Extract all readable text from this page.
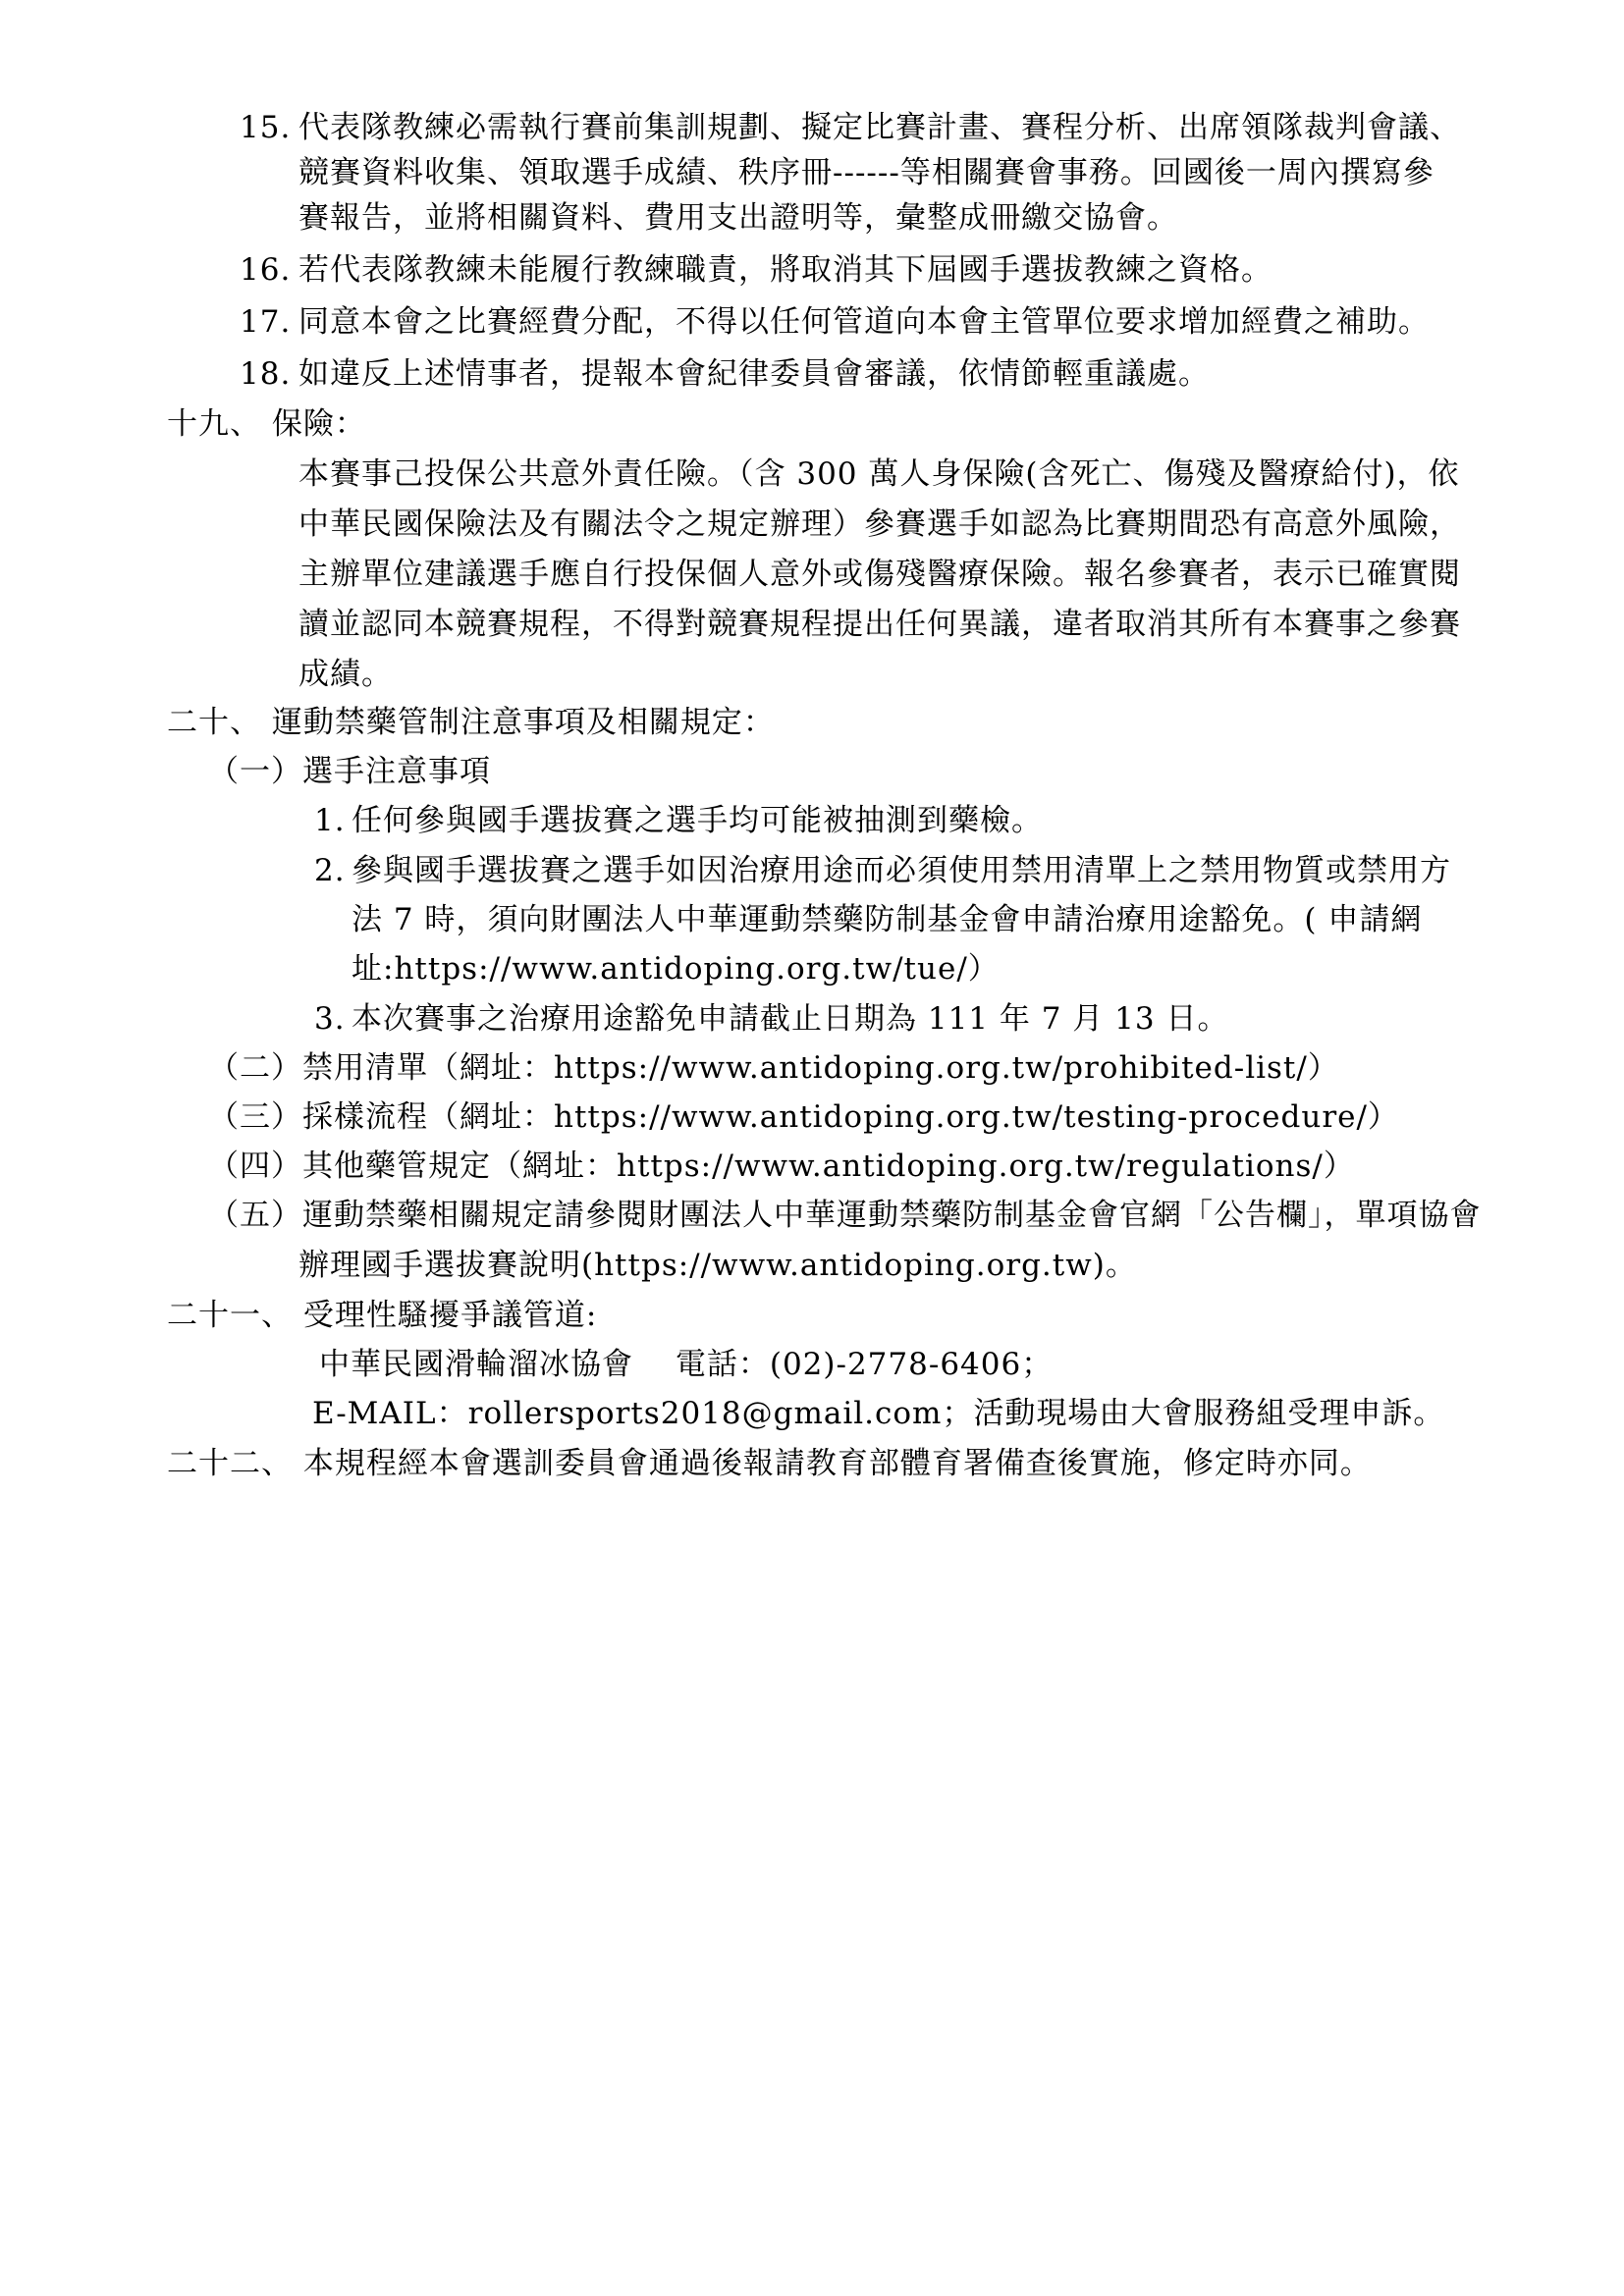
15. 代表隊教練必需執行賽前集訓規劃、擬定比賽計畫、賽程分析、出席領隊裁判會議、
競賽資料收集、領取選手成績、秩序冊------等相關賽會事務。回國後一周內撰寫參
賽報告，並將相關資料、費用支出證明等，彙整成冊繳交協會。
16. 若代表隊教練未能履行教練職責，將取消其下屆國手選拔教練之資格。
17. 同意本會之比賽經費分配，不得以任何管道向本會主管單位要求增加經費之補助。
18. 如違反上述情事者，提報本會紀律委員會審議，依情節輕重議處。
十九、 保險：
本賽事己投保公共意外責任險。（含 300 萬人身保險(含死亡、傷殘及醫療給付)，依
中華民國保險法及有關法令之規定辦理）參賽選手如認為比賽期間恐有高意外風險，
主辦單位建議選手應自行投保個人意外或傷殘醫療保險。報名參賽者，表示已確實閱
讀並認同本競賽規程，不得對競賽規程提出任何異議，違者取消其所有本賽事之參賽
成績。
二十、 運動禁藥管制注意事項及相關規定：
（一）選手注意事項
1. 任何參與國手選拔賽之選手均可能被抽測到藥檢。
2. 參與國手選拔賽之選手如因治療用途而必須使用禁用清單上之禁用物質或禁用方
法 7 時，須向財團法人中華運動禁藥防制基金會申請治療用途豁免。( 申請網
址:https://www.antidoping.org.tw/tue/）
3. 本次賽事之治療用途豁免申請截止日期為 111 年 7 月 13 日。
（二）禁用清單（網址：https://www.antidoping.org.tw/prohibited-list/）
（三）採樣流程（網址：https://www.antidoping.org.tw/testing-procedure/）
（四）其他藥管規定（網址：https://www.antidoping.org.tw/regulations/）
（五）運動禁藥相關規定請參閱財團法人中華運動禁藥防制基金會官網「公告欄」，單項協會
辦理國手選拔賽說明(https://www.antidoping.org.tw)。
二十一、 受理性騷擾爭議管道:
中華民國滑輪溜冰協會　 電話：(02)-2778-6406；
E-MAIL：rollersports2018@gmail.com；活動現場由大會服務組受理申訴。
二十二、 本規程經本會選訓委員會通過後報請教育部體育署備查後實施，修定時亦同。
